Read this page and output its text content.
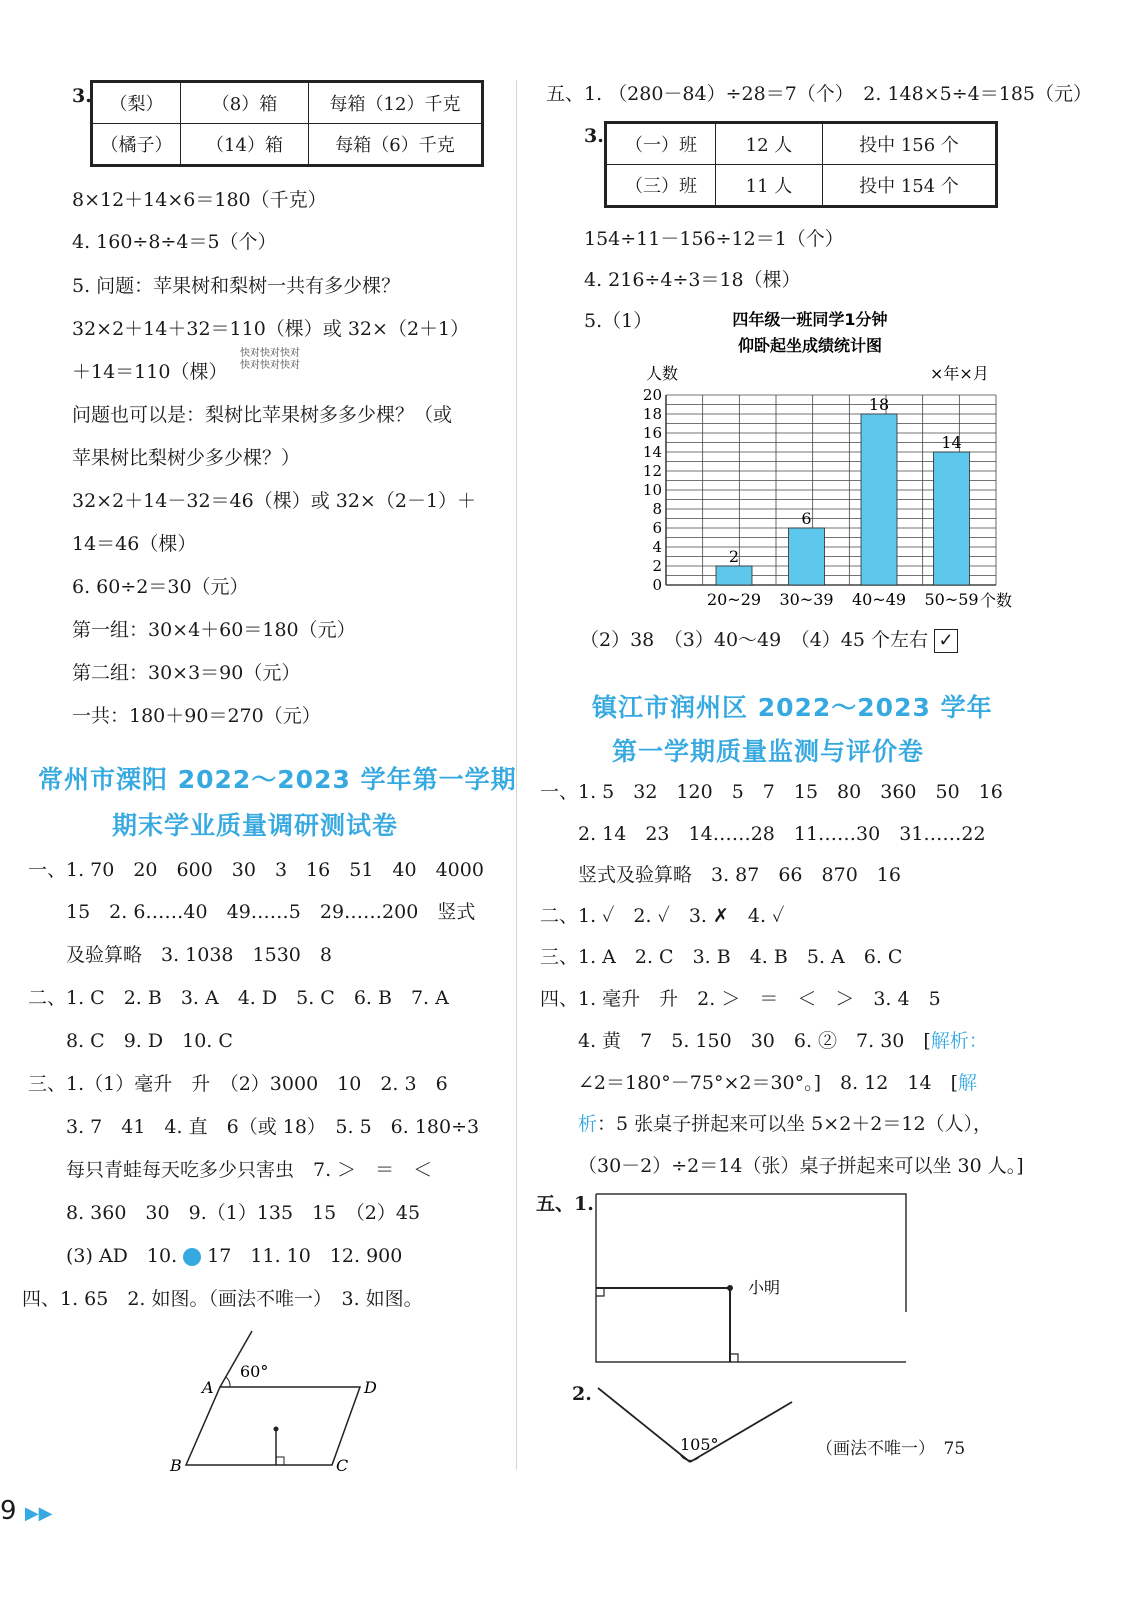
3. （梨）	（8）箱	每箱（12）千克
（橘子）	（14）箱	每箱（6）千克
8×12＋14×6＝180（千克）
4. 160÷8÷4＝5（个）
5. 问题：苹果树和梨树一共有多少棵？
32×2＋14＋32＝110（棵）或 32×（2＋1）
＋14＝110（棵）
快对快对快对 快对快对快对
问题也可以是：梨树比苹果树多多少棵？（或
苹果树比梨树少多少棵？）
32×2＋14－32＝46（棵）或 32×（2－1）＋
14＝46（棵）
6. 60÷2＝30（元）
第一组：30×4＋60＝180（元）
第二组：30×3＝90（元）
一共：180＋90＝270（元）
常州市溧阳 2022～2023 学年第一学期
期末学业质量调研测试卷
一、1. 70　20　600　30　3　16　51　40　4000
15　2. 6……40　49……5　29……200　竖式
及验算略　3. 1038　1530　8
二、1. C　2. B　3. A　4. D　5. C　6. B　7. A
8. C　9. D　10. C
三、1.（1）毫升　升　（2）3000　10　2. 3　6
3. 7　41　4. 直　6（或 18）　5. 5　6. 180÷3
每只青蛙每天吃多少只害虫　7. ＞　＝　＜
8. 360　30　9.（1）135　15　（2）45
(3) AD　10. 17　11. 10　12. 900
四、1. 65　2. 如图。（画法不唯一）　3. 如图。
60°
A	D
B	C
9 ▶▶
五、1. （280－84）÷28＝7（个）　2. 148×5÷4＝185（元）
3. （一）班	12 人	投中 156 个
（三）班	11 人	投中 154 个
154÷11－156÷12＝1（个）
4. 216÷4÷3＝18（棵）
5.（1）	四年级一班同学1分钟
仰卧起坐成绩统计图
人数	×年×月
个数
0
2
4
6
8
10
12
14
16
18
20
2
20~29
6
30~39
18
40~49
14
50~59
（2）38　（3）40～49　（4）45 个左右 ✓
镇江市润州区 2022～2023 学年
第一学期质量监测与评价卷
一、1. 5　32　120　5　7　15　80　360　50　16
2. 14　23　14……28　11……30　31……22
竖式及验算略　3. 87　66　870　16
二、1. ✓　2. ✓　3. ✗　4. ✓
三、1. A　2. C　3. B　4. B　5. A　6. C
四、1. 毫升　升　2. ＞　＝　＜　＞　3. 4　5
4. 黄　7　5. 150　30　6. ②　7. 30　[解析：
∠2＝180°－75°×2＝30°。]　8. 12　14　[解
析：5 张桌子拼起来可以坐 5×2＋2＝12（人），
（30－2）÷2＝14（张）桌子拼起来可以坐 30 人。]
五、1.
小明
2.
105°	（画法不唯一）　75
